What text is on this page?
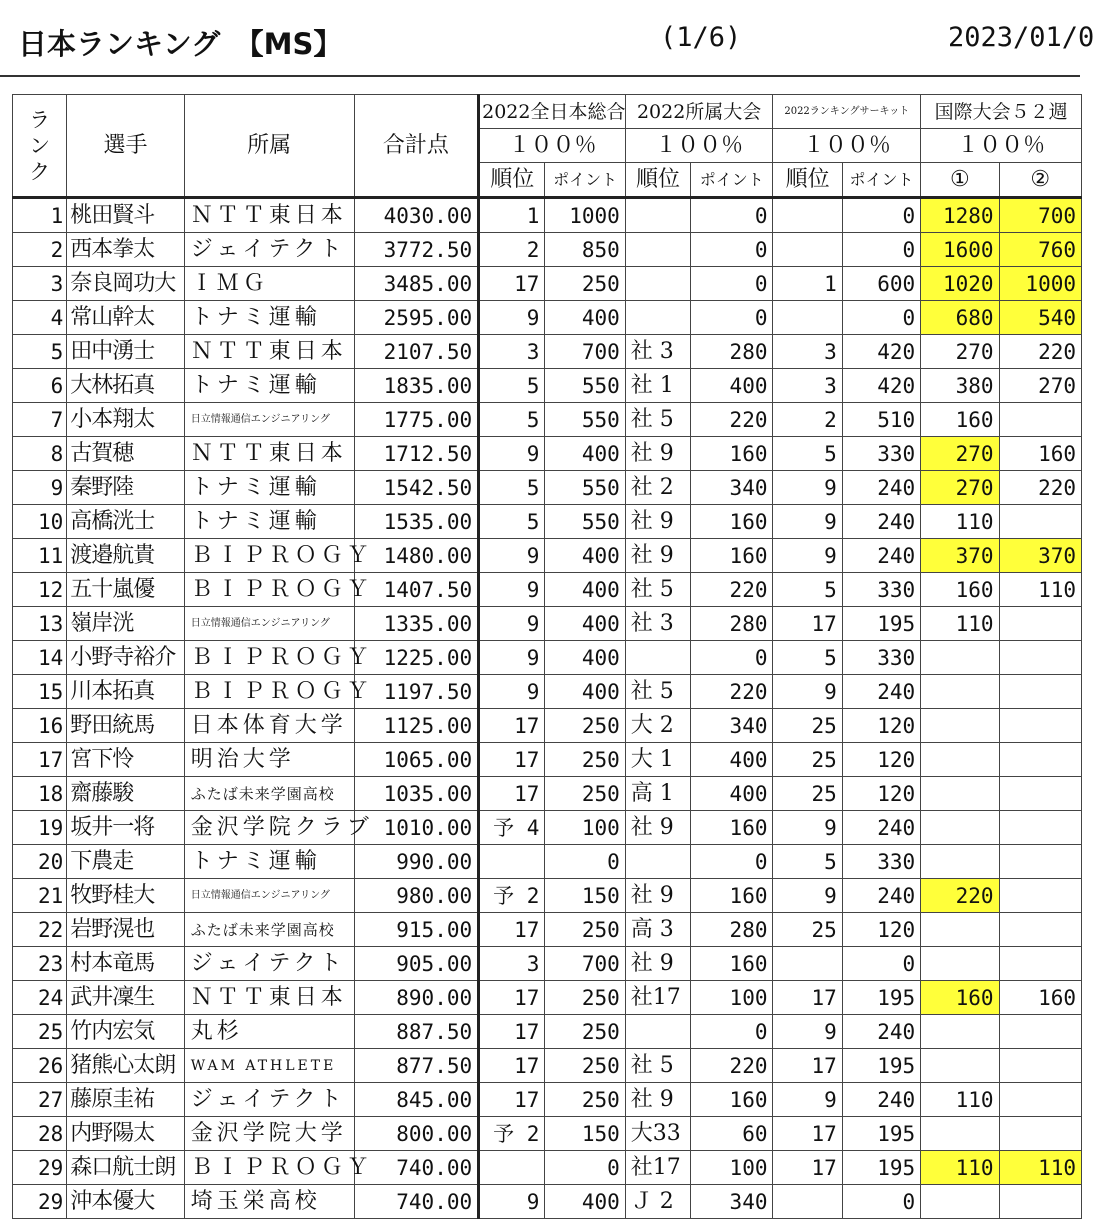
日本ランキング　【MS】	(1/6)	2023/01/0
ランク	選手	所属	合計点	2022全日本総合		2022所属大会		2022ランキングサーキット		国際大会５２週	
				１００％		１００％		１００％		１００％	
				順位	ポイント	順位	ポイント	順位	ポイント	①	②
1	桃田賢斗	ＮＴＴ東日本	4030.00	1	1000		0		0	1280	700
2	西本拳太	ジェイテクト	3772.50	2	850		0		0	1600	760
3	奈良岡功大	ＩＭＧ	3485.00	17	250		0	1	600	1020	1000
4	常山幹太	トナミ運輸	2595.00	9	400		0		0	680	540
5	田中湧士	ＮＴＴ東日本	2107.50	3	700	社 3	280	3	420	270	220
6	大林拓真	トナミ運輸	1835.00	5	550	社 1	400	3	420	380	270
7	小本翔太	日立情報通信エンジニアリング	1775.00	5	550	社 5	220	2	510	160	
8	古賀穂	ＮＴＴ東日本	1712.50	9	400	社 9	160	5	330	270	160
9	秦野陸	トナミ運輸	1542.50	5	550	社 2	340	9	240	270	220
10	高橋洸士	トナミ運輸	1535.00	5	550	社 9	160	9	240	110	
11	渡邉航貴	ＢＩＰＲＯＧＹ	1480.00	9	400	社 9	160	9	240	370	370
12	五十嵐優	ＢＩＰＲＯＧＹ	1407.50	9	400	社 5	220	5	330	160	110
13	嶺岸洸	日立情報通信エンジニアリング	1335.00	9	400	社 3	280	17	195	110	
14	小野寺裕介	ＢＩＰＲＯＧＹ	1225.00	9	400		0	5	330		
15	川本拓真	ＢＩＰＲＯＧＹ	1197.50	9	400	社 5	220	9	240		
16	野田統馬	日本体育大学	1125.00	17	250	大 2	340	25	120		
17	宮下怜	明治大学	1065.00	17	250	大 1	400	25	120		
18	齋藤駿	ふたば未来学園高校	1035.00	17	250	高 1	400	25	120		
19	坂井一将	金沢学院クラブ	1010.00	予 4	100	社 9	160	9	240		
20	下農走	トナミ運輸	990.00		0		0	5	330		
21	牧野桂大	日立情報通信エンジニアリング	980.00	予 2	150	社 9	160	9	240	220	
22	岩野滉也	ふたば未来学園高校	915.00	17	250	高 3	280	25	120		
23	村本竜馬	ジェイテクト	905.00	3	700	社 9	160		0		
24	武井凜生	ＮＴＴ東日本	890.00	17	250	社17	100	17	195	160	160
25	竹内宏気	丸杉	887.50	17	250		0	9	240		
26	猪熊心太朗	WAM ATHLETE	877.50	17	250	社 5	220	17	195		
27	藤原圭祐	ジェイテクト	845.00	17	250	社 9	160	9	240	110	
28	内野陽太	金沢学院大学	800.00	予 2	150	大33	60	17	195		
29	森口航士朗	ＢＩＰＲＯＧＹ	740.00		0	社17	100	17	195	110	110
29	沖本優大	埼玉栄高校	740.00	9	400	Ｊ 2	340		0		
